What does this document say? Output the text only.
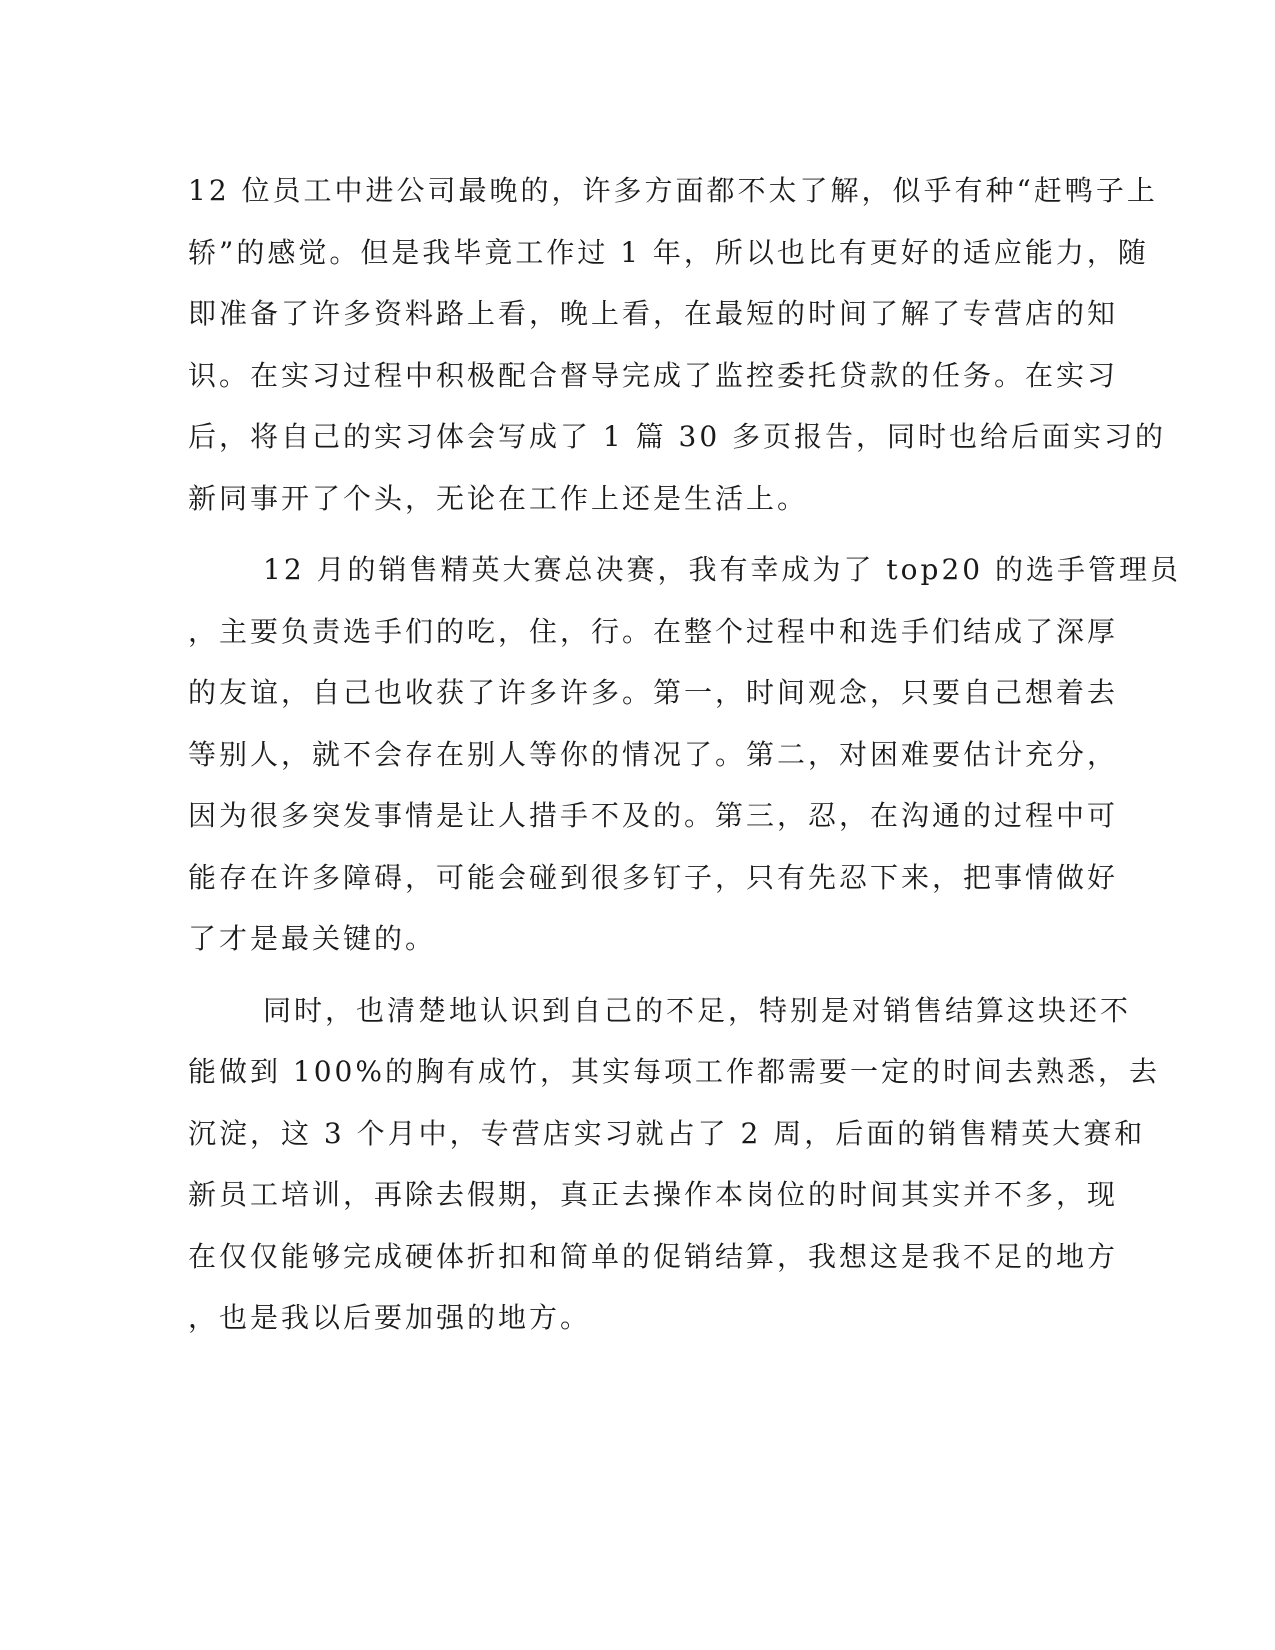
12 位员工中进公司最晚的，许多方面都不太了解，似乎有种“赶鸭子上
轿”的感觉。但是我毕竟工作过 1 年，所以也比有更好的适应能力，随
即准备了许多资料路上看，晚上看，在最短的时间了解了专营店的知
识。在实习过程中积极配合督导完成了监控委托贷款的任务。在实习
后，将自己的实习体会写成了 1 篇 30 多页报告，同时也给后面实习的
新同事开了个头，无论在工作上还是生活上。
12 月的销售精英大赛总决赛，我有幸成为了 top20 的选手管理员
，主要负责选手们的吃，住，行。在整个过程中和选手们结成了深厚
的友谊，自己也收获了许多许多。第一，时间观念，只要自己想着去
等别人，就不会存在别人等你的情况了。第二，对困难要估计充分，
因为很多突发事情是让人措手不及的。第三，忍，在沟通的过程中可
能存在许多障碍，可能会碰到很多钉子，只有先忍下来，把事情做好
了才是最关键的。
同时，也清楚地认识到自己的不足，特别是对销售结算这块还不
能做到 100%的胸有成竹，其实每项工作都需要一定的时间去熟悉，去
沉淀，这 3 个月中，专营店实习就占了 2 周，后面的销售精英大赛和
新员工培训，再除去假期，真正去操作本岗位的时间其实并不多，现
在仅仅能够完成硬体折扣和简单的促销结算，我想这是我不足的地方
，也是我以后要加强的地方。
